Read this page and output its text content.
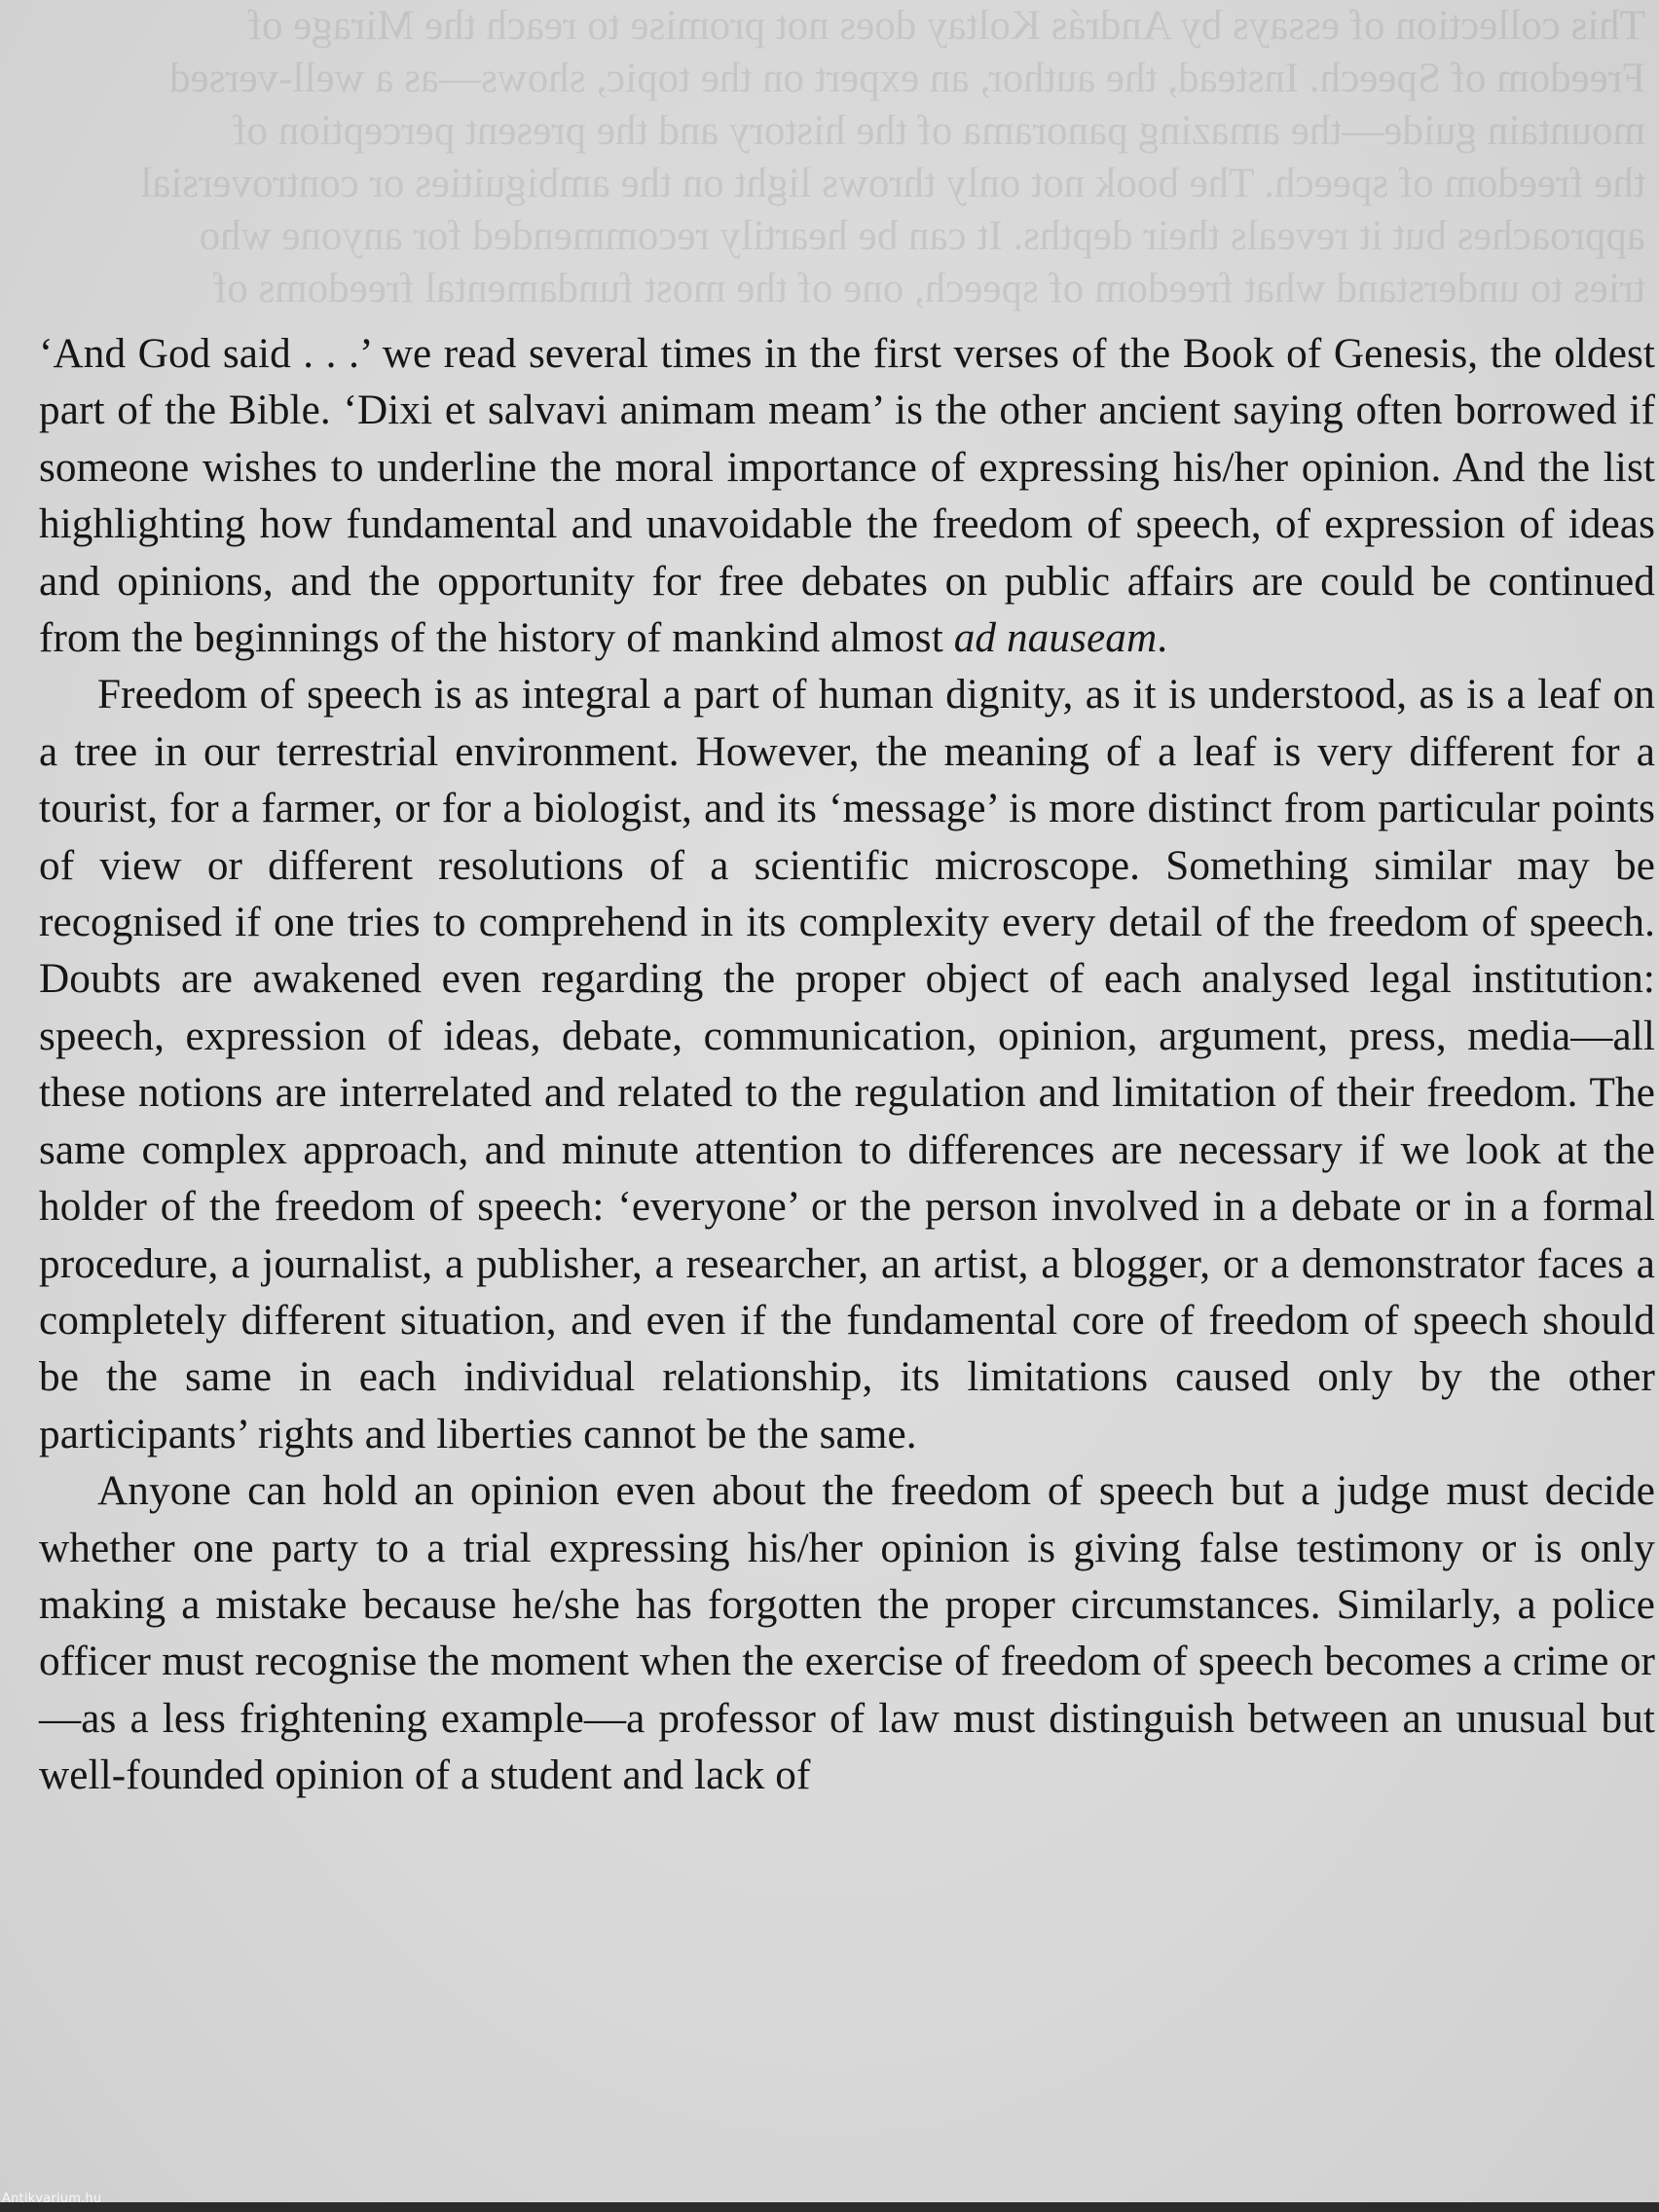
This collection of essays by András Koltay does not promise to reach the Mirage of
Freedom of Speech. Instead, the author, an expert on the topic, shows—as a well-versed
mountain guide—the amazing panorama of the history and the present perception of
the freedom of speech. The book not only throws light on the ambiguities or controversial
approaches but it reveals their depths. It can be heartily recommended for anyone who
tries to understand what freedom of speech, one of the most fundamental freedoms of

‘And God said . . .’ we read several times in the first verses of the Book of Genesis, the oldest part of the Bible. ‘Dixi et salvavi animam meam’ is the other ancient saying often borrowed if someone wishes to underline the moral importance of expressing his/her opinion. And the list highlighting how fundamental and unavoidable the freedom of speech, of expression of ideas and opinions, and the opportunity for free debates on public affairs are could be continued from the beginnings of the history of mankind almost ad nauseam.

Freedom of speech is as integral a part of human dignity, as it is understood, as is a leaf on a tree in our terrestrial environment. However, the meaning of a leaf is very different for a tourist, for a farmer, or for a biologist, and its ‘message’ is more distinct from particular points of view or different resolutions of a scientific microscope. Something similar may be recognised if one tries to comprehend in its complexity every detail of the freedom of speech. Doubts are awakened even regarding the proper object of each analysed legal institution: speech, expression of ideas, debate, communication, opinion, argument, press, media—all these notions are interrelated and related to the regulation and limitation of their freedom. The same complex approach, and minute attention to differences are necessary if we look at the holder of the freedom of speech: ‘everyone’ or the person involved in a debate or in a formal procedure, a journalist, a publisher, a researcher, an artist, a blogger, or a demonstrator faces a completely different situation, and even if the fundamental core of freedom of speech should be the same in each individual relationship, its limitations caused only by the other participants’ rights and liberties cannot be the same.

Anyone can hold an opinion even about the freedom of speech but a judge must decide whether one party to a trial expressing his/her opinion is giving false testimony or is only making a mistake because he/she has forgotten the proper circumstances. Similarly, a police officer must recognise the moment when the exercise of freedom of speech becomes a crime or—as a less frightening example—a professor of law must distinguish between an unusual but well-founded opinion of a student and lack of

Antikvarium.hu
